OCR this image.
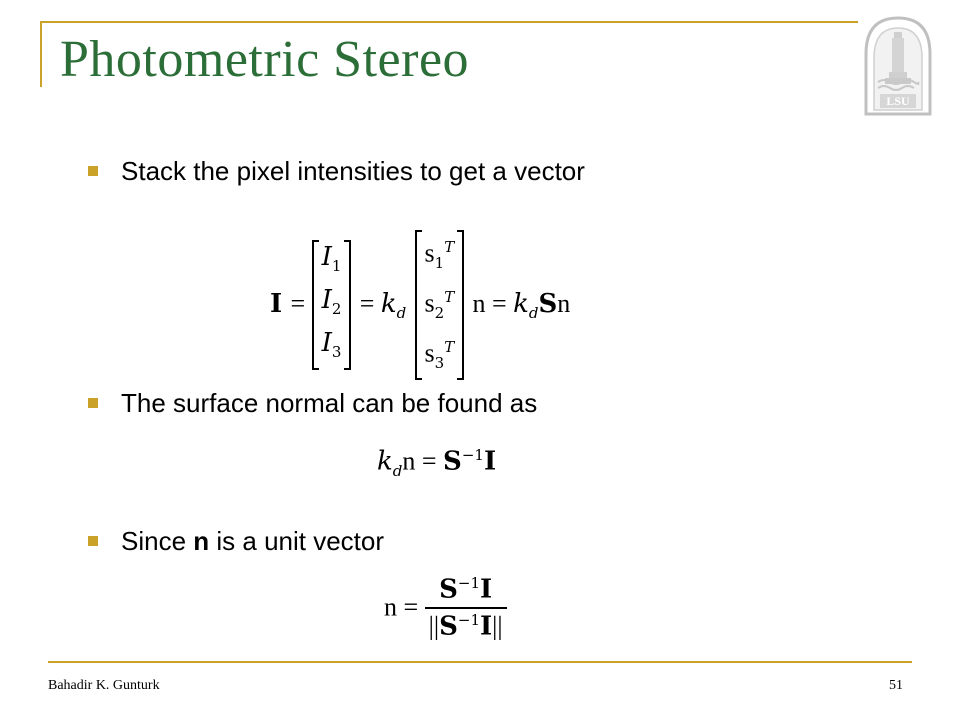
Photometric Stereo
LSU
Stack the pixel intensities to get a vector
$I = I_1$
$I_2$
$I_3 = k_d$ $s_1^T$
$s_2^T$
$s_3^T$ $n = k_dSn$
The surface normal can be found as
$k_dn = S^{-1}I$
Since n is a unit vector
$n = \frac{S^{-1}I}{||S^{-1}I||}$
Bahadir K. Gunturk	51
